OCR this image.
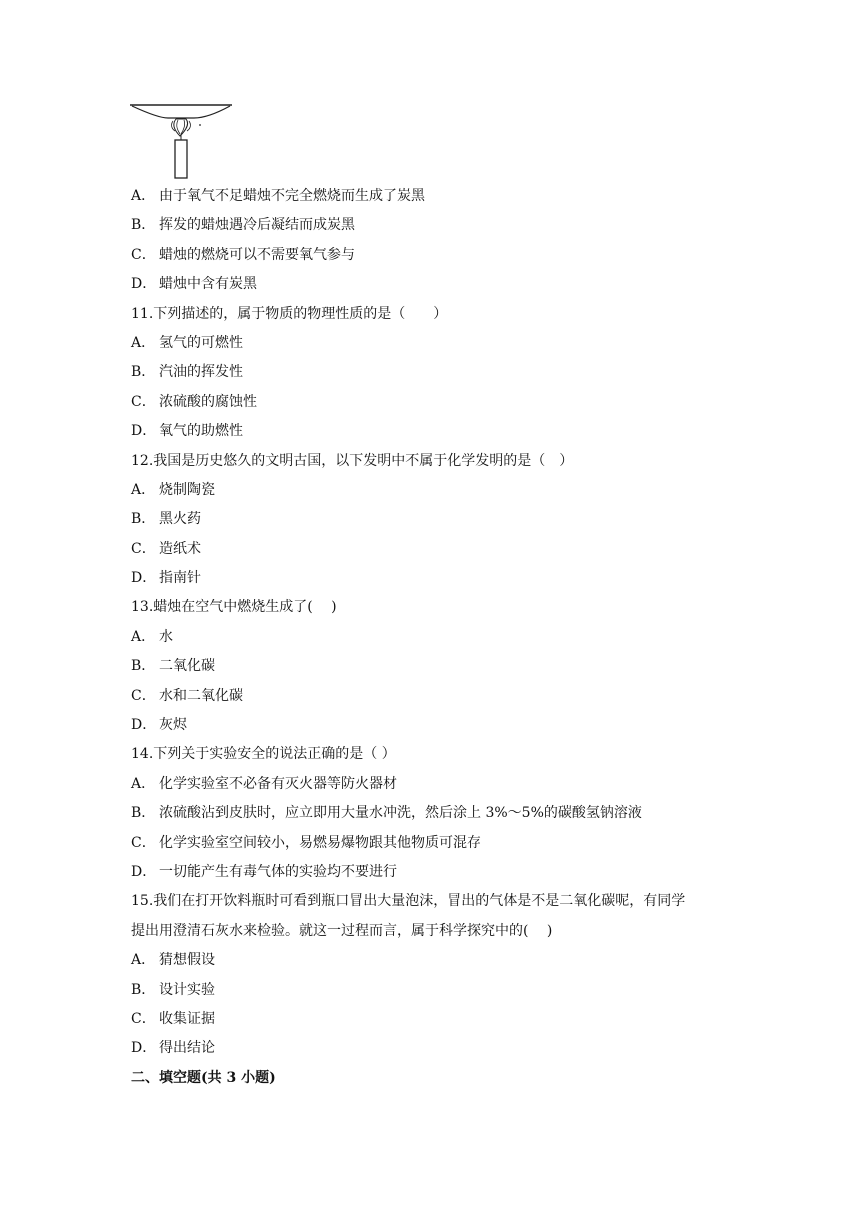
A． 由于氧气不足蜡烛不完全燃烧而生成了炭黑
B． 挥发的蜡烛遇冷后凝结而成炭黑
C． 蜡烛的燃烧可以不需要氧气参与
D． 蜡烛中含有炭黑
11.下列描述的，属于物质的物理性质的是（　　）
A． 氢气的可燃性
B． 汽油的挥发性
C． 浓硫酸的腐蚀性
D． 氧气的助燃性
12.我国是历史悠久的文明古国，以下发明中不属于化学发明的是（　）
A． 烧制陶瓷
B． 黑火药
C． 造纸术
D． 指南针
13.蜡烛在空气中燃烧生成了(　 )
A． 水
B． 二氧化碳
C． 水和二氧化碳
D． 灰烬
14.下列关于实验安全的说法正确的是（ ）
A． 化学实验室不必备有灭火器等防火器材
B． 浓硫酸沾到皮肤时，应立即用大量水冲洗，然后涂上 3%～5%的碳酸氢钠溶液
C． 化学实验室空间较小，易燃易爆物跟其他物质可混存
D． 一切能产生有毒气体的实验均不要进行
15.我们在打开饮料瓶时可看到瓶口冒出大量泡沫，冒出的气体是不是二氧化碳呢，有同学
提出用澄清石灰水来检验。就这一过程而言，属于科学探究中的(　 )
A． 猜想假设
B． 设计实验
C． 收集证据
D． 得出结论
二、填空题(共 3 小题)
